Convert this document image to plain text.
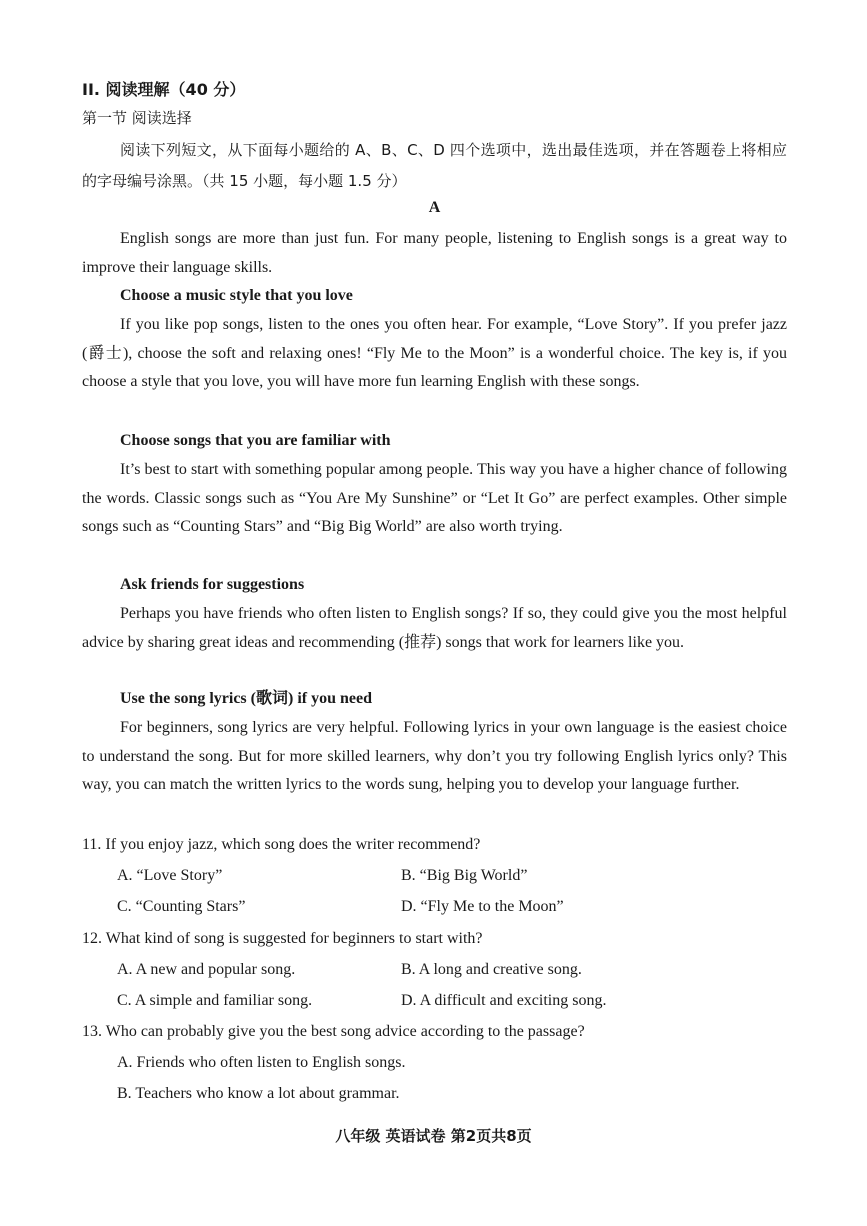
II. 阅读理解（40 分）
第一节 阅读选择
阅读下列短文，从下面每小题给的 A、B、C、D 四个选项中，选出最佳选项，并在答题卷上将相应的字母编号涂黑。（共 15 小题，每小题 1.5 分）
A
English songs are more than just fun. For many people, listening to English songs is a great way to improve their language skills.
Choose a music style that you love
If you like pop songs, listen to the ones you often hear. For example, “Love Story”. If you prefer jazz (爵士), choose the soft and relaxing ones! “Fly Me to the Moon” is a wonderful choice. The key is, if you choose a style that you love, you will have more fun learning English with these songs.
Choose songs that you are familiar with
It’s best to start with something popular among people. This way you have a higher chance of following the words. Classic songs such as “You Are My Sunshine” or “Let It Go” are perfect examples. Other simple songs such as “Counting Stars” and “Big Big World” are also worth trying.
Ask friends for suggestions
Perhaps you have friends who often listen to English songs? If so, they could give you the most helpful advice by sharing great ideas and recommending (推荐) songs that work for learners like you.
Use the song lyrics (歌词) if you need
For beginners, song lyrics are very helpful. Following lyrics in your own language is the easiest choice to understand the song. But for more skilled learners, why don’t you try following English lyrics only? This way, you can match the written lyrics to the words sung, helping you to develop your language further.
11. If you enjoy jazz, which song does the writer recommend?
A. “Love Story”	B. “Big Big World”
C. “Counting Stars”	D. “Fly Me to the Moon”
12. What kind of song is suggested for beginners to start with?
A. A new and popular song.	B. A long and creative song.
C. A simple and familiar song.	D. A difficult and exciting song.
13. Who can probably give you the best song advice according to the passage?
A. Friends who often listen to English songs.
B. Teachers who know a lot about grammar.
八年级 英语试卷 第2页共8页
